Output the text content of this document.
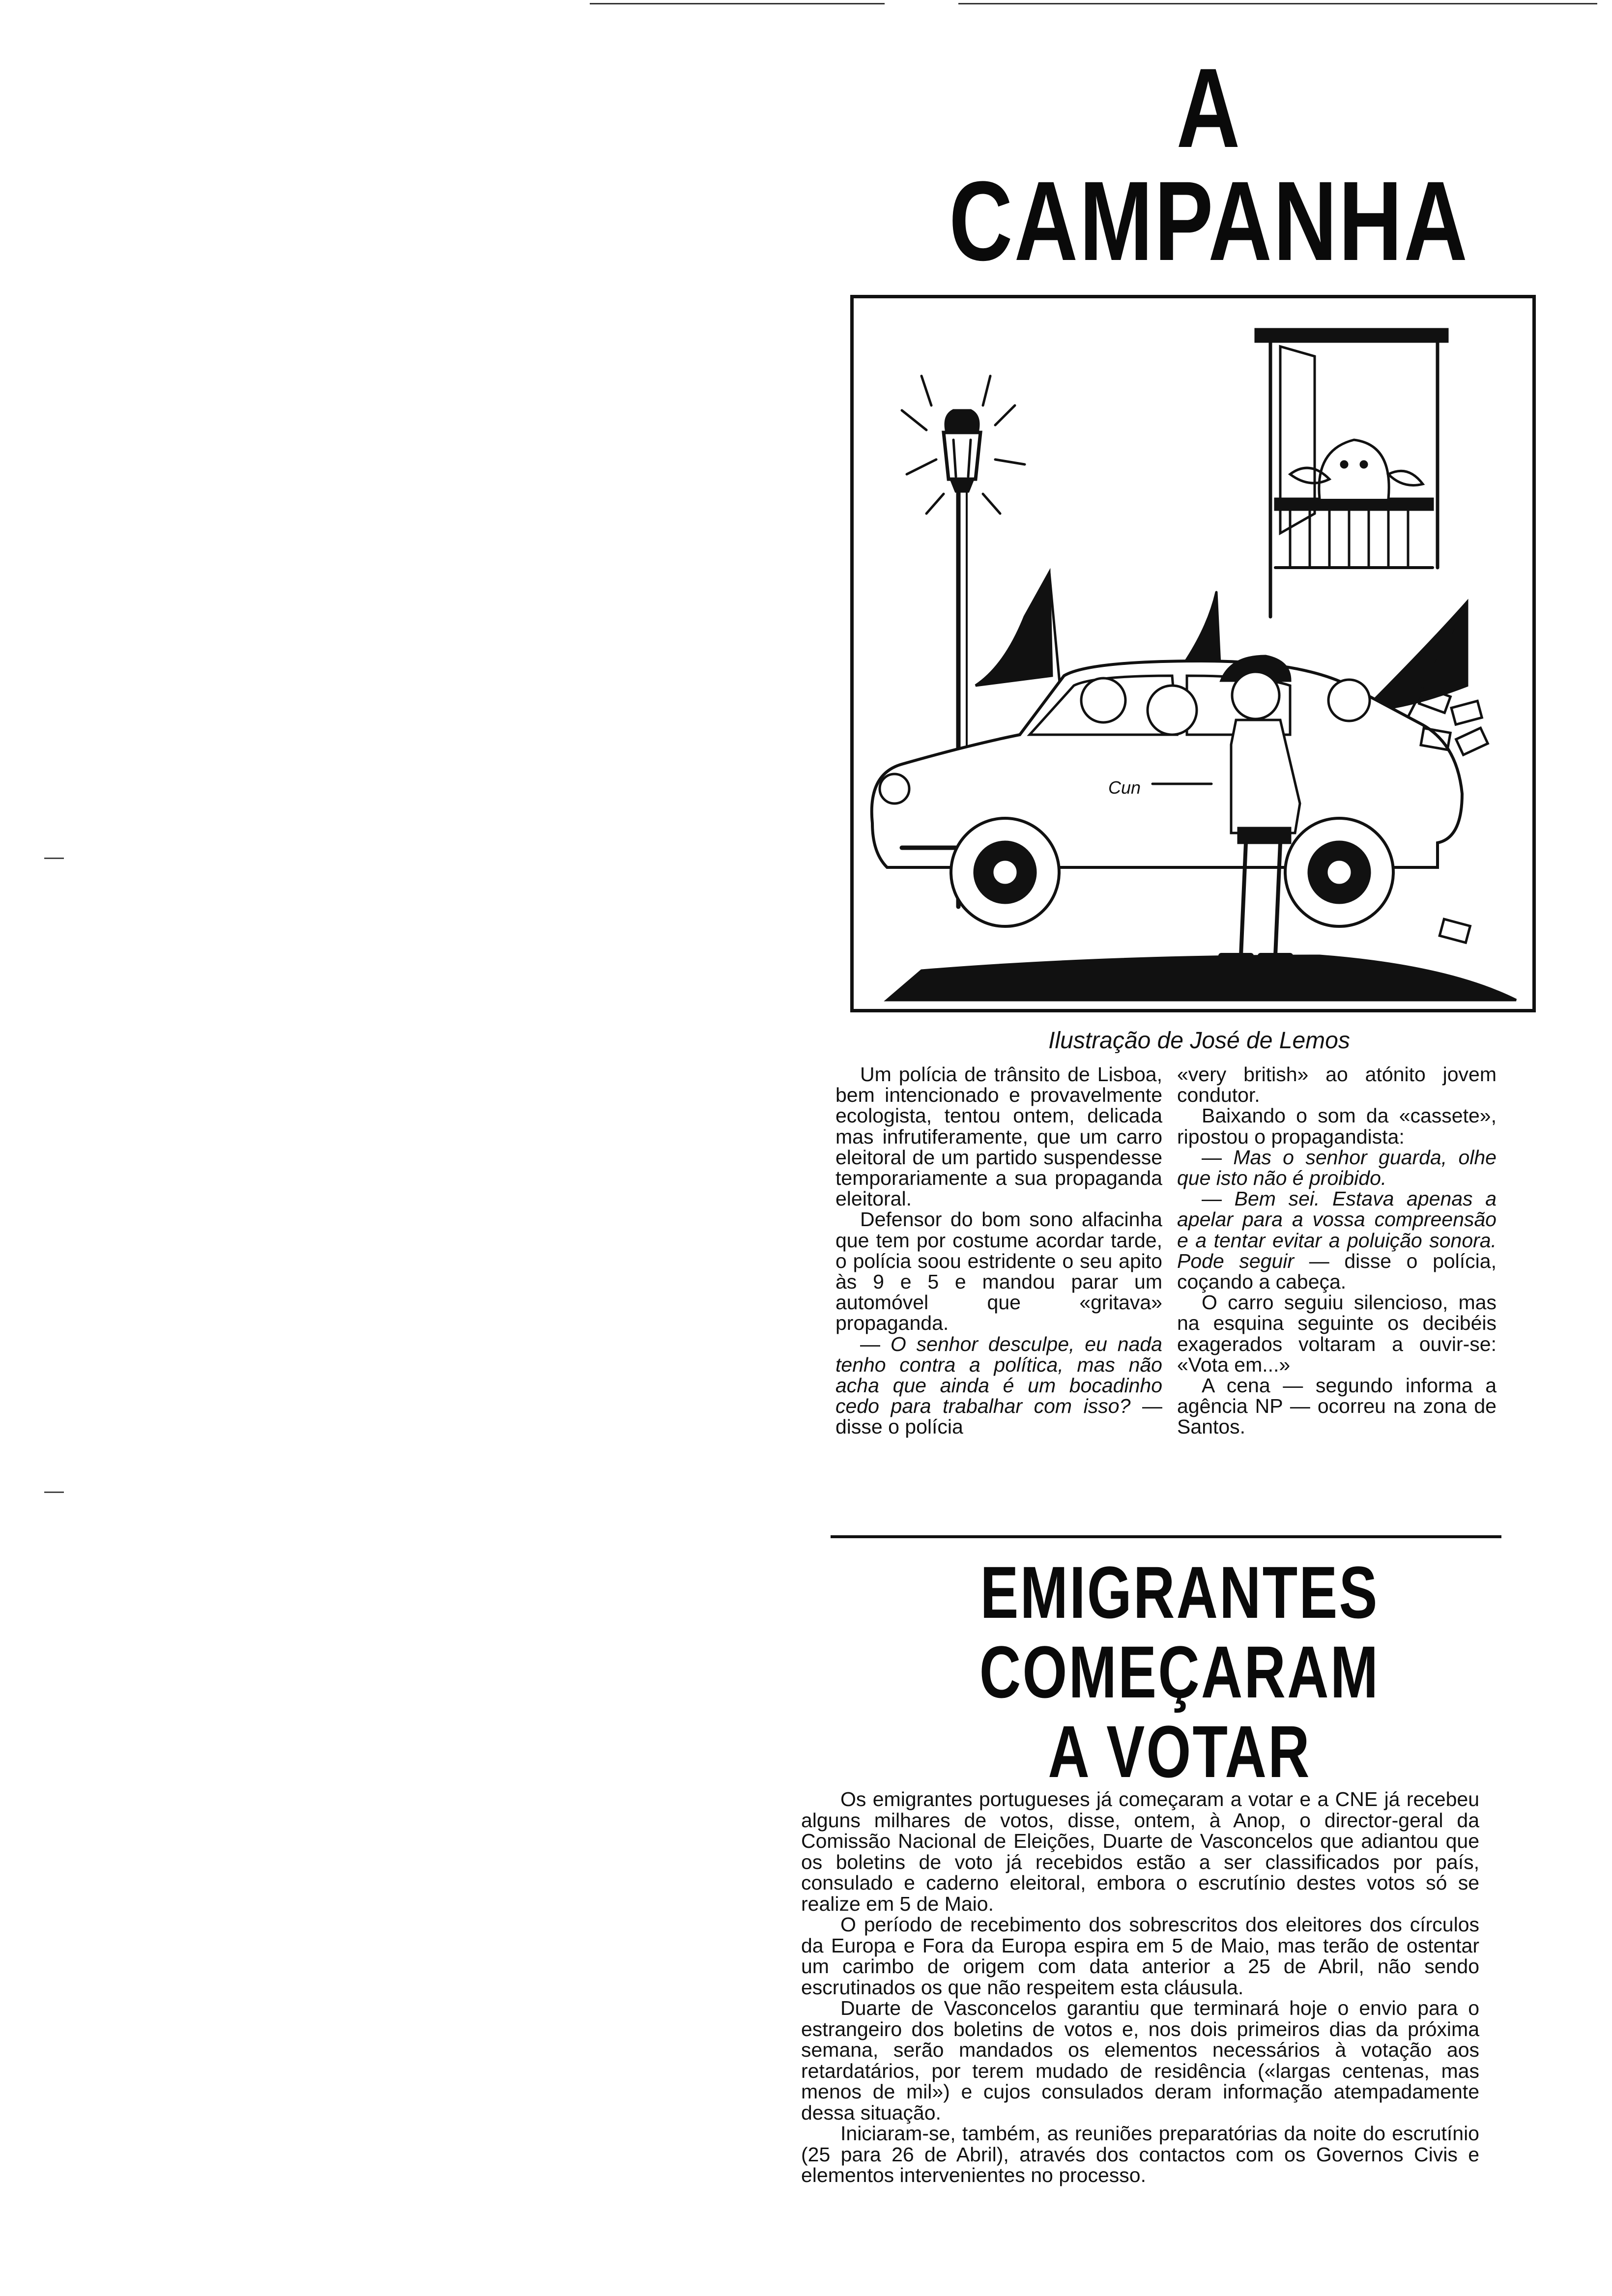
A CAMPANHA
Cun
Ilustração de José de Lemos

Um polícia de trânsito de Lisboa, bem intencionado e provavelmente ecologista, tentou ontem, delicada mas infrutiferamente, que um carro eleitoral de um partido suspendesse temporariamente a sua propaganda eleitoral.

Defensor do bom sono alfacinha que tem por costume acordar tarde, o polícia soou estridente o seu apito às 9 e 5 e mandou parar um automóvel que «gritava» propaganda.

— O senhor desculpe, eu nada tenho contra a política, mas não acha que ainda é um bocadinho cedo para trabalhar com isso? — disse o polícia

«very british» ao atónito jovem condutor.

Baixando o som da «cassete», ripostou o propagandista:

— Mas o senhor guarda, olhe que isto não é proibido.

— Bem sei. Estava apenas a apelar para a vossa compreensão e a tentar evitar a poluição sonora. Pode seguir — disse o polícia, coçando a cabeça.

O carro seguiu silencioso, mas na esquina seguinte os decibéis exagerados voltaram a ouvir-se: «Vota em...»

A cena — segundo informa a agência NP — ocorreu na zona de Santos.

EMIGRANTES
COMEÇARAM
A VOTAR

Os emigrantes portugueses já começaram a votar e a CNE já recebeu alguns milhares de votos, disse, ontem, à Anop, o director-geral da Comissão Nacional de Eleições, Duarte de Vasconcelos que adiantou que os boletins de voto já recebidos estão a ser classificados por país, consulado e caderno eleitoral, embora o escrutínio destes votos só se realize em 5 de Maio.

O período de recebimento dos sobrescritos dos eleitores dos círculos da Europa e Fora da Europa espira em 5 de Maio, mas terão de ostentar um carimbo de origem com data anterior a 25 de Abril, não sendo escrutinados os que não respeitem esta cláusula.

Duarte de Vasconcelos garantiu que terminará hoje o envio para o estrangeiro dos boletins de votos e, nos dois primeiros dias da próxima semana, serão mandados os elementos necessários à votação aos retardatários, por terem mudado de residência («largas centenas, mas menos de mil») e cujos consulados deram informação atempadamente dessa situação.

Iniciaram-se, também, as reuniões preparatórias da noite do escrutínio (25 para 26 de Abril), através dos contactos com os Governos Civis e elementos intervenientes no processo.
